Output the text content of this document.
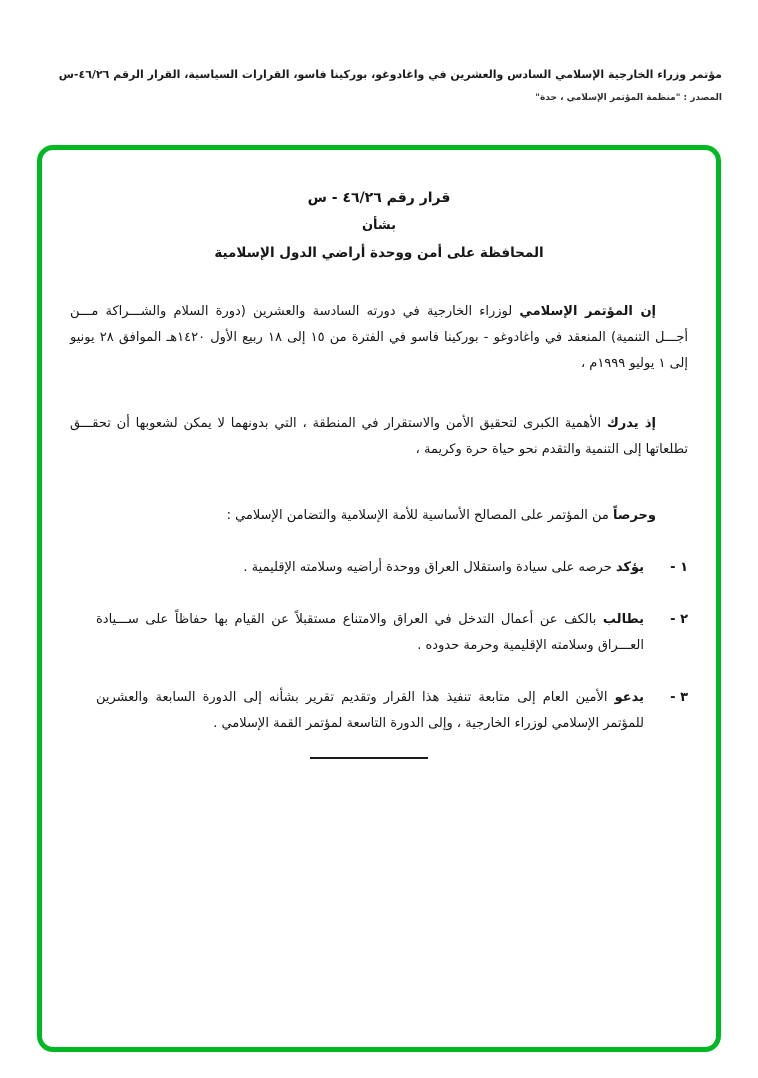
مؤتمر وزراء الخارجية الإسلامي السادس والعشرين في واغادوغو، بوركينا فاسو، القرارات السياسية، القرار الرقم ٤٦/٢٦-س
المصدر : "منظمة المؤتمر الإسلامي ، جدة"
قرار رقم ٤٦/٢٦ - س
بشأن
المحافظة على أمن ووحدة أراضي الدول الإسلامية

إن المؤتمر الإسلامي لوزراء الخارجية في دورته السادسة والعشرين (دورة السلام والشـــراكة مـــن أجـــل التنمية) المنعقد في واغادوغو - بوركينا فاسو في الفترة من ١٥ إلى ١٨ ربيع الأول ١٤٢٠هـ الموافق ٢٨ يونيو إلى ١ يوليو ١٩٩٩م ،

إذ يدرك الأهمية الكبرى لتحقيق الأمن والاستقرار في المنطقة ، التي بدونهما لا يمكن لشعوبها أن تحقـــق تطلعاتها إلى التنمية والتقدم نحو حياة حرة وكريمة ،

وحرصاً من المؤتمر على المصالح الأساسية للأمة الإسلامية والتضامن الإسلامي :

١ -
يؤكد حرصه على سيادة واستقلال العراق ووحدة أراضيه وسلامته الإقليمية .
٢ -
يطالب بالكف عن أعمال التدخل في العراق والامتناع مستقبلاً عن القيام بها حفاظاً على ســـيادة العـــراق وسلامته الإقليمية وحرمة حدوده .
٣ -
يدعو الأمين العام إلى متابعة تنفيذ هذا القرار وتقديم تقرير بشأنه إلى الدورة السابعة والعشرين للمؤتمر الإسلامي لوزراء الخارجية ، وإلى الدورة التاسعة لمؤتمر القمة الإسلامي .
